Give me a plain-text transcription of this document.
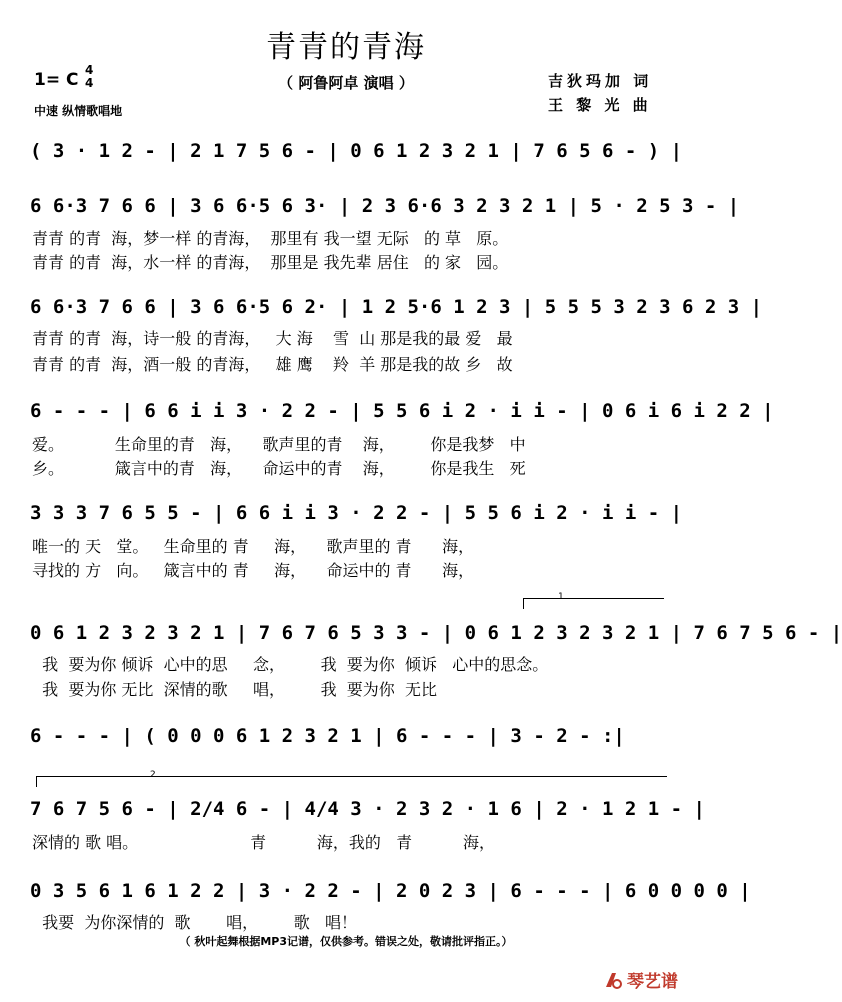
青青的青海
（ 阿鲁阿卓 演唱 ）
1= C 4
4
中速 纵情歌唱地
吉狄玛加 词
王 黎 光 曲
( 3 · 1 2 - | 2 1 7 5 6 - | 0 6 1 2 3 2 1 | 7 6 5 6 - ) |
6 6·3 7 6 6 | 3 6 6·5 6 3· | 2 3 6·6 3 2 3 2 1 | 5 · 2 5 3 - |
青青 的青  海，梦一样 的青海，  那里有 我一望 无际   的 草   原。
青青 的青  海，水一样 的青海，  那里是 我先辈 居住   的 家   园。
6 6·3 7 6 6 | 3 6 6·5 6 2· | 1 2 5·6 1 2 3 | 5 5 5 3 2 3 6 2 3 |
青青 的青  海，诗一般 的青海，   大 海    雪  山 那是我的最 爱   最
青青 的青  海，酒一般 的青海，   雄 鹰    羚  羊 那是我的故 乡   故
6 - - - | 6 6 i i 3 · 2 2 - | 5 5 6 i 2 · i i - | 0 6 i 6 i 2 2 |
爱。          生命里的青   海，    歌声里的青    海，       你是我梦   中
乡。          箴言中的青   海，    命运中的青    海，       你是我生   死
3 3 3 7 6 5 5 - | 6 6 i i 3 · 2 2 - | 5 5 6 i 2 · i i - |
唯一的 天   堂。   生命里的 青     海，    歌声里的 青      海，
寻找的 方   向。   箴言中的 青     海，    命运中的 青      海，
1
0 6 1 2 3 2 3 2 1 | 7 6 7 6 5 3 3 - | 0 6 1 2 3 2 3 2 1 | 7 6 7 5 6 - |
我  要为你 倾诉  心中的思     念，       我  要为你  倾诉   心中的思念。
我  要为你 无比  深情的歌     唱，       我  要为你  无比
6 - - - | ( 0 0 0 6 1 2 3 2 1 | 6 - - - | 3 - 2 - :|
2
7 6 7 5 6 - | 2/4 6 - | 4/4 3 · 2 3 2 · 1 6 | 2 · 1 2 1 - |
深情的 歌 唱。                      青          海，我的   青          海，
0 3 5 6 1 6 1 2 2 | 3 · 2 2 - | 2 0 2 3 | 6 - - - | 6 0 0 0 0 |
我要  为你深情的  歌       唱，       歌   唱！
（ 秋叶起舞根据MP3记谱，仅供参考。错误之处，敬请批评指正。）
琴艺谱
